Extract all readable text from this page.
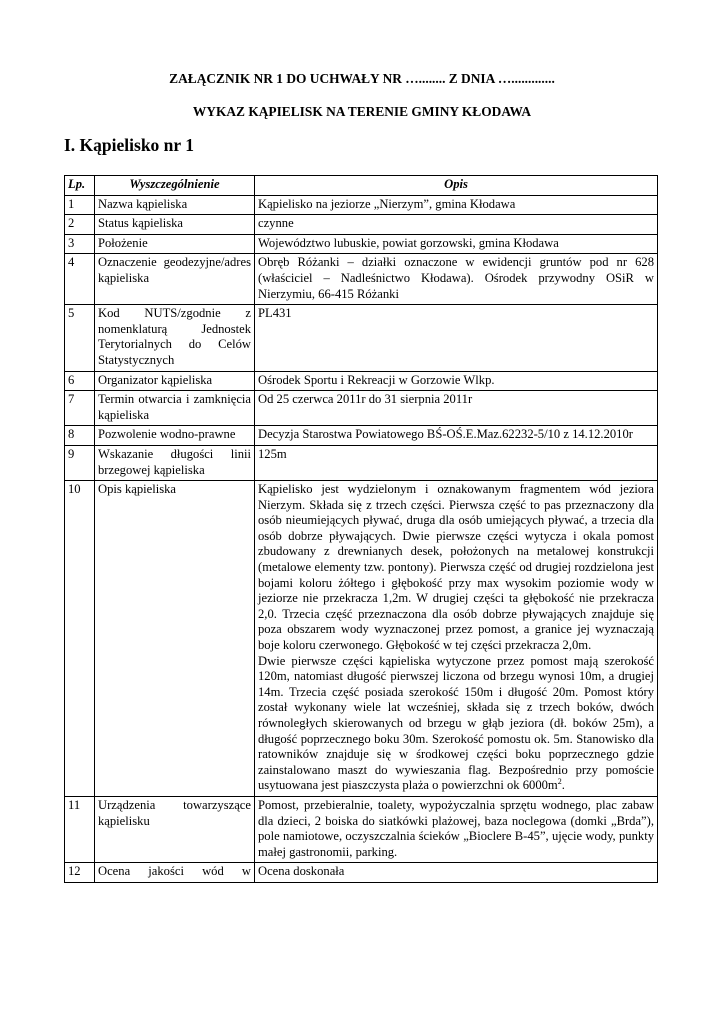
ZAŁĄCZNIK NR 1 DO UCHWAŁY NR …........ Z DNIA ….............
WYKAZ KĄPIELISK NA TERENIE GMINY KŁODAWA
I. Kąpielisko nr 1
Lp.	Wyszczególnienie	Opis
1	Nazwa kąpieliska	Kąpielisko na jeziorze „Nierzym”, gmina Kłodawa
2	Status kąpieliska	czynne
3	Położenie	Województwo lubuskie, powiat gorzowski, gmina Kłodawa
4	Oznaczenie geodezyjne/adres kąpieliska	Obręb Różanki – działki oznaczone w ewidencji gruntów pod nr 628 (właściciel – Nadleśnictwo Kłodawa). Ośrodek przywodny OSiR w Nierzymiu, 66-415 Różanki
5	Kod NUTS/zgodnie z nomenklaturą Jednostek Terytorialnych do Celów Statystycznych	PL431
6	Organizator kąpieliska	Ośrodek Sportu i Rekreacji w Gorzowie Wlkp.
7	Termin otwarcia i zamknięcia kąpieliska	Od 25 czerwca 2011r do 31 sierpnia 2011r
8	Pozwolenie wodno-prawne	Decyzja Starostwa Powiatowego BŚ-OŚ.E.Maz.62232-5/10 z 14.12.2010r
9	Wskazanie długości linii brzegowej kąpieliska	125m
10	Opis kąpieliska	Kąpielisko jest wydzielonym i oznakowanym fragmentem wód jeziora Nierzym. Składa się z trzech części. Pierwsza część to pas przeznaczony dla osób nieumiejących pływać, druga dla osób umiejących pływać, a trzecia dla osób dobrze pływających. Dwie pierwsze części wytycza i okala pomost zbudowany z drewnianych desek, położonych na metalowej konstrukcji (metalowe elementy tzw. pontony). Pierwsza część od drugiej rozdzielona jest bojami koloru żółtego i głębokość przy max wysokim poziomie wody w jeziorze nie przekracza 1,2m. W drugiej części ta głębokość nie przekracza 2,0. Trzecia część przeznaczona dla osób dobrze pływających znajduje się poza obszarem wody wyznaczonej przez pomost, a granice jej wyznaczają boje koloru czerwonego. Głębokość w tej części przekracza 2,0m.
Dwie pierwsze części kąpieliska wytyczone przez pomost mają szerokość 120m, natomiast długość pierwszej liczona od brzegu wynosi 10m, a drugiej 14m. Trzecia część posiada szerokość 150m i długość 20m. Pomost który został wykonany wiele lat wcześniej, składa się z trzech boków, dwóch równoległych skierowanych od brzegu w głąb jeziora (dł. boków 25m), a długość poprzecznego boku 30m. Szerokość pomostu ok. 5m. Stanowisko dla ratowników znajduje się w środkowej części boku poprzecznego gdzie zainstalowano maszt do wywieszania flag. Bezpośrednio przy pomoście usytuowana jest piaszczysta plaża o powierzchni ok $6000m^2$.

11	Urządzenia towarzyszące kąpielisku	Pomost, przebieralnie, toalety, wypożyczalnia sprzętu wodnego, plac zabaw dla dzieci, 2 boiska do siatkówki plażowej, baza noclegowa (domki „Brda”), pole namiotowe, oczyszczalnia ścieków „Bioclere B-45”, ujęcie wody, punkty małej gastronomii, parking.
12	Ocena jakości wód w	Ocena doskonała
